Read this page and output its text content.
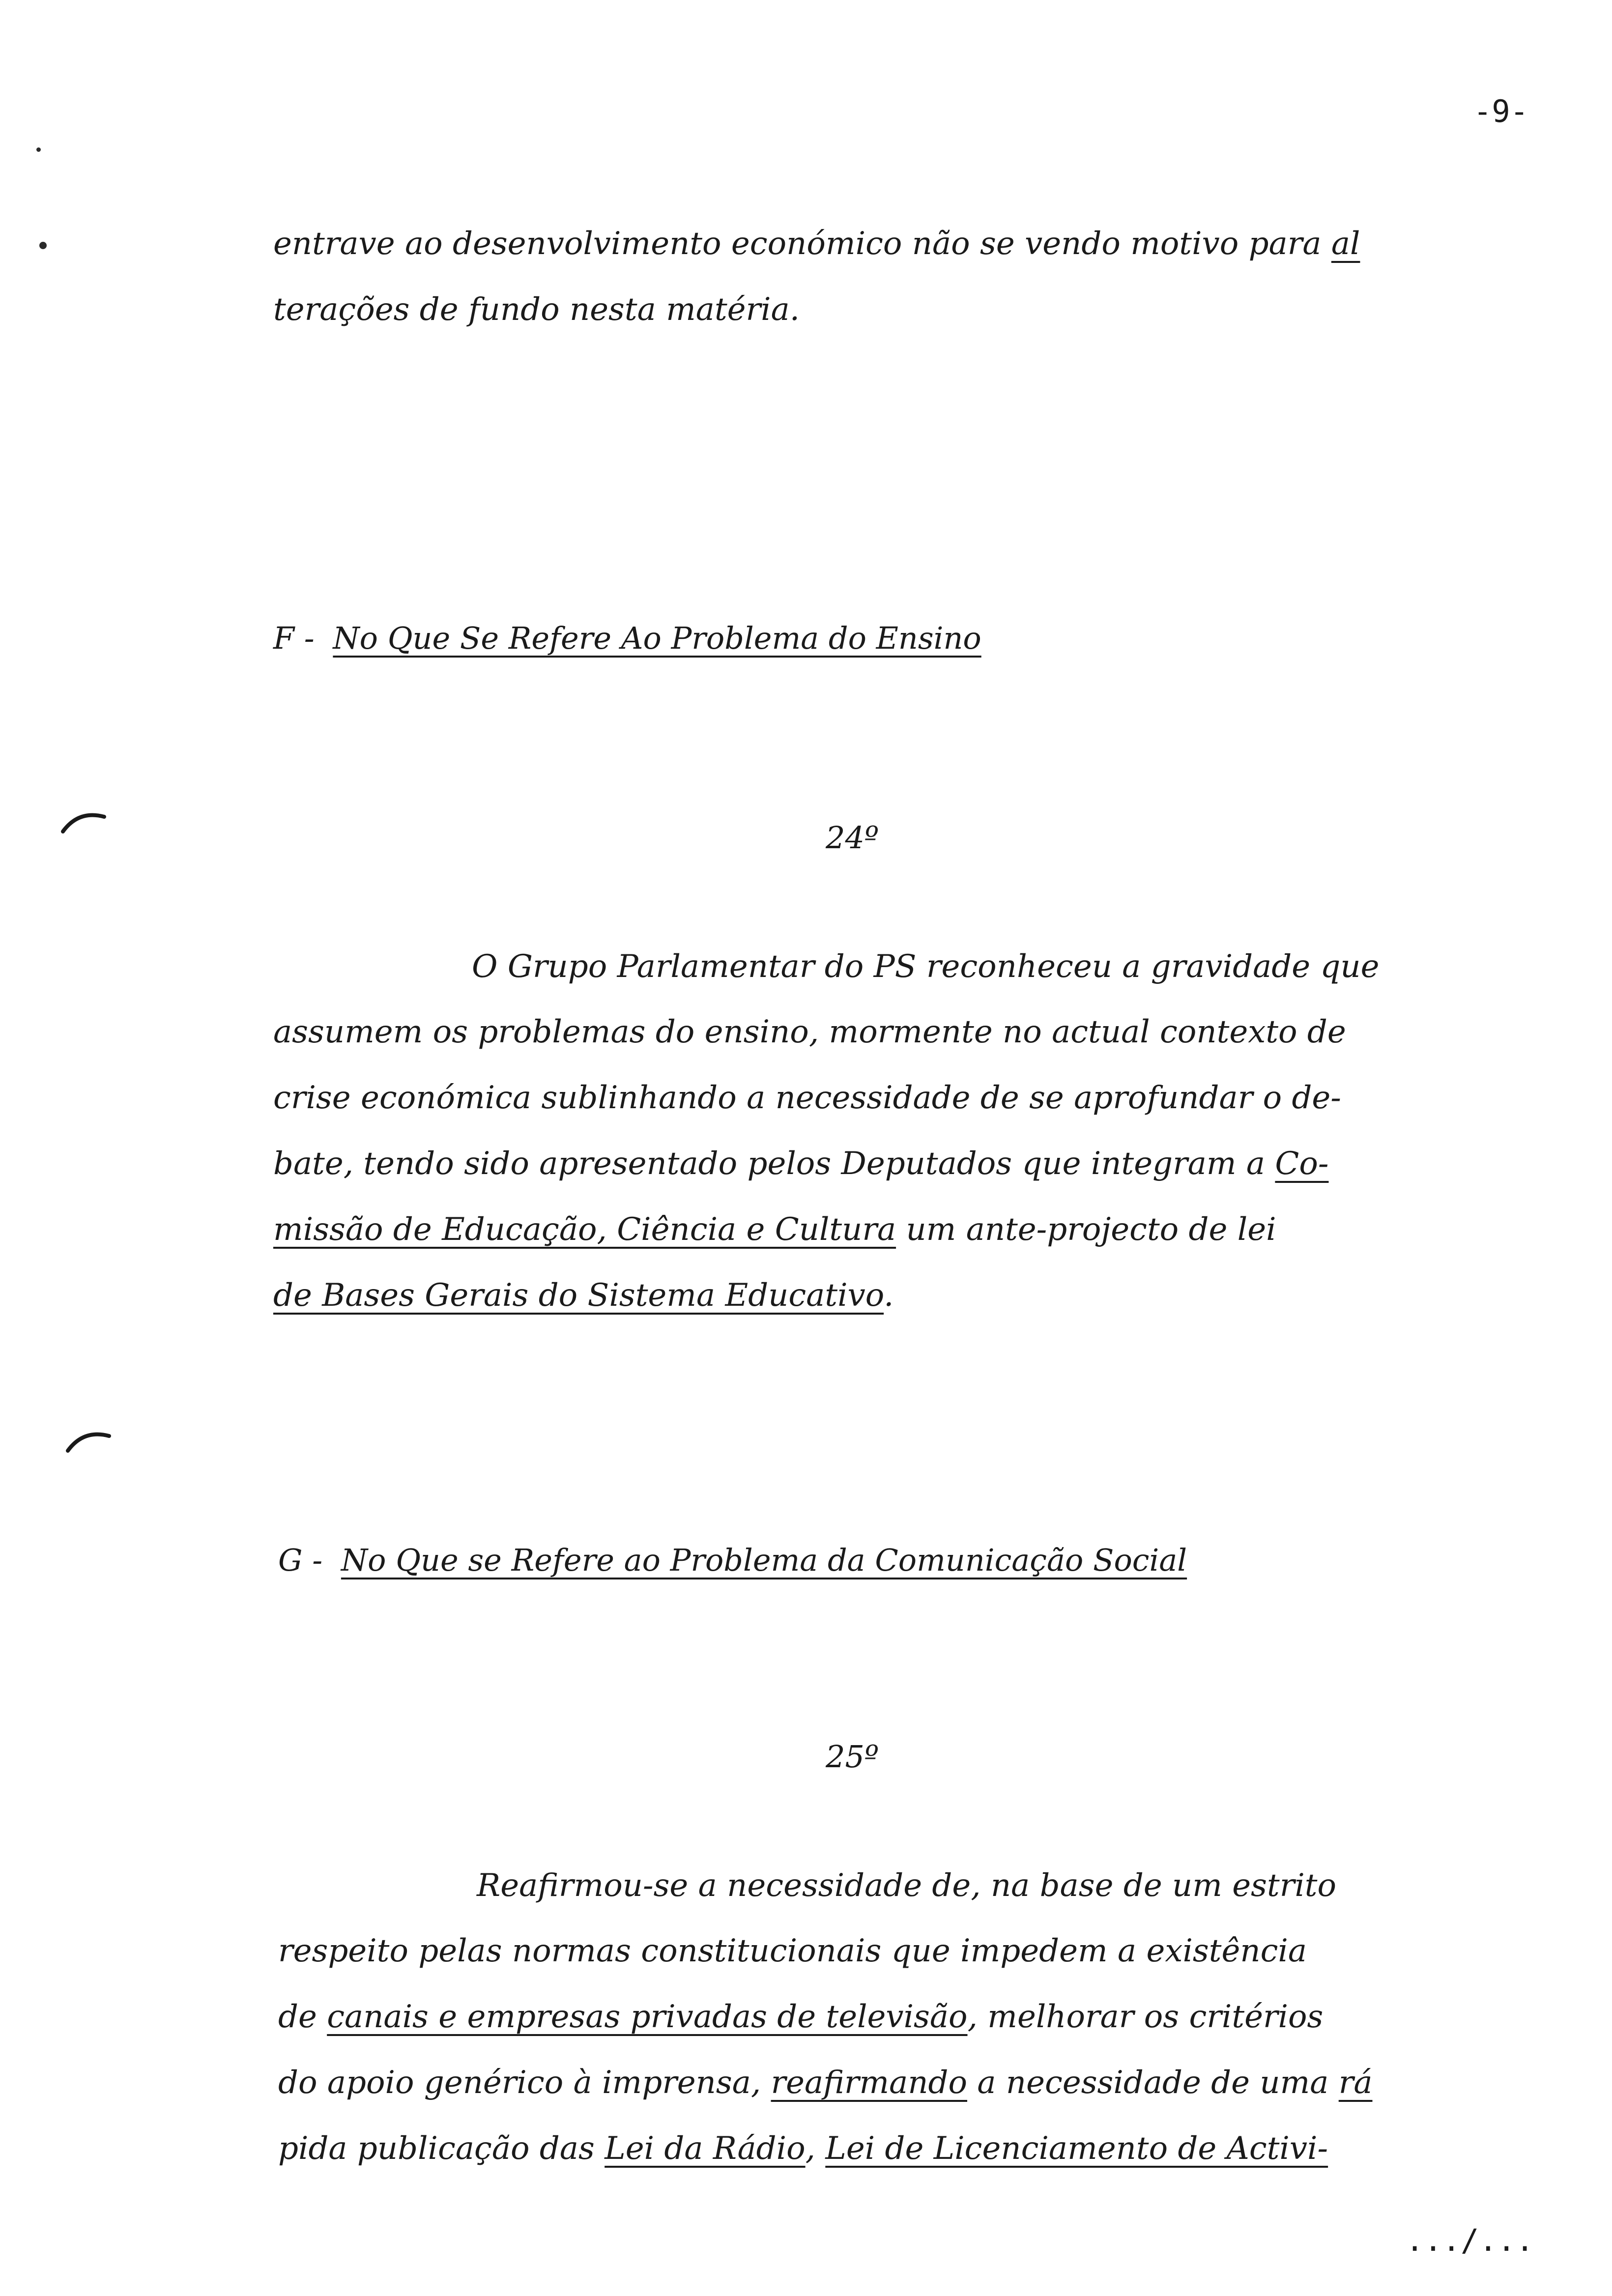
-9-
entrave ao desenvolvimento económico não se vendo motivo para al
terações de fundo nesta matéria.
F - No Que Se Refere Ao Problema do Ensino
24º
O Grupo Parlamentar do PS reconheceu a gravidade que
assumem os problemas do ensino, mormente no actual contexto de
crise económica sublinhando a necessidade de se aprofundar o de-
bate, tendo sido apresentado pelos Deputados que integram a Co-
missão de Educação, Ciência e Cultura um ante-projecto de lei
de Bases Gerais do Sistema Educativo.
G - No Que se Refere ao Problema da Comunicação Social
25º
Reafirmou-se a necessidade de, na base de um estrito
respeito pelas normas constitucionais que impedem a existência
de canais e empresas privadas de televisão, melhorar os critérios
do apoio genérico à imprensa, reafirmando a necessidade de uma rá
pida publicação das Lei da Rádio, Lei de Licenciamento de Activi-
.../...
